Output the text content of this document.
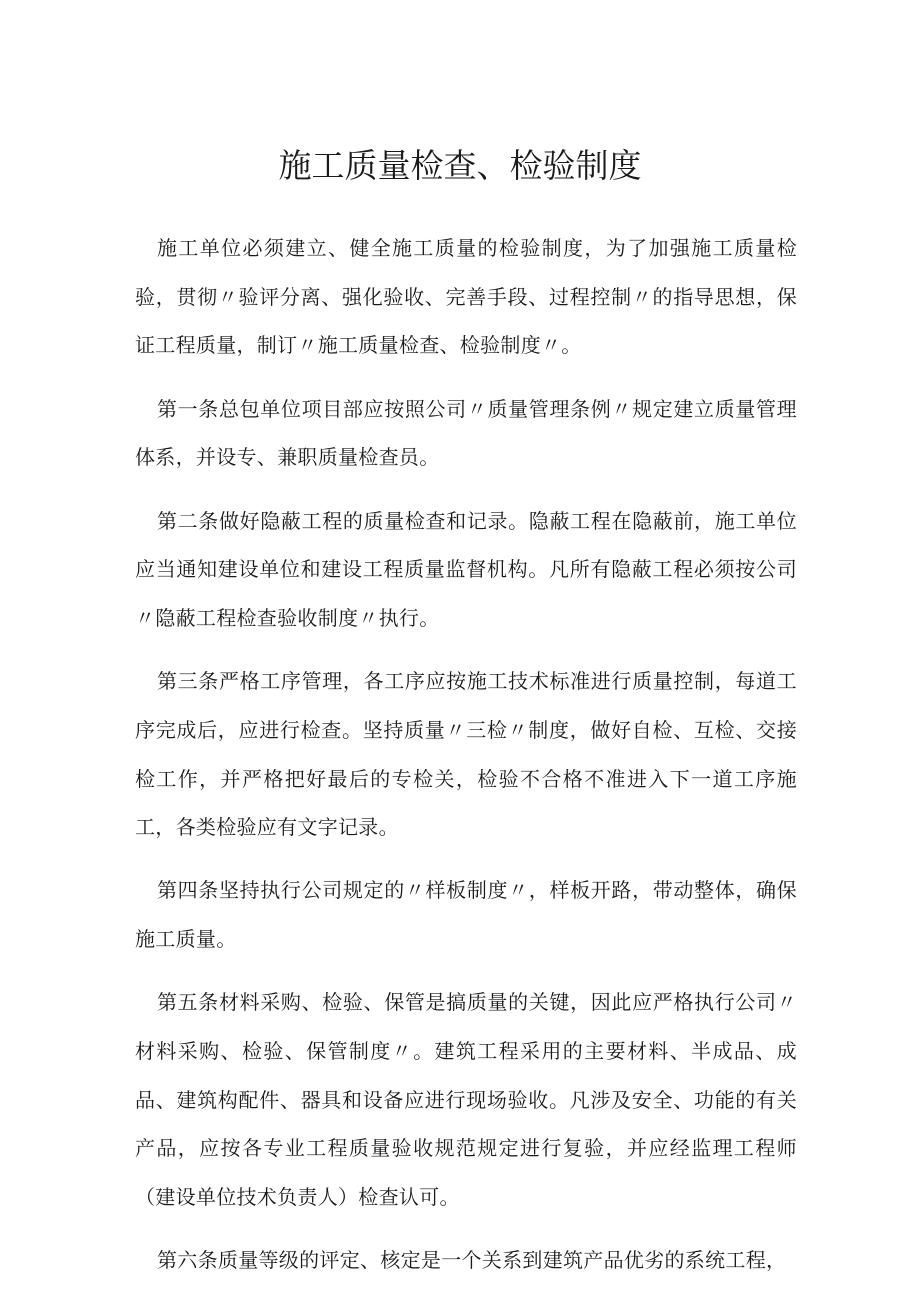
施工质量检查、检验制度

施工单位必须建立、健全施工质量的检验制度，为了加强施工质量检验，贯彻〃验评分离、强化验收、完善手段、过程控制〃的指导思想，保证工程质量，制订〃施工质量检查、检验制度〃。

第一条总包单位项目部应按照公司〃质量管理条例〃规定建立质量管理体系，并设专、兼职质量检查员。

第二条做好隐蔽工程的质量检查和记录。隐蔽工程在隐蔽前，施工单位应当通知建设单位和建设工程质量监督机构。凡所有隐蔽工程必须按公司〃隐蔽工程检查验收制度〃执行。

第三条严格工序管理，各工序应按施工技术标准进行质量控制，每道工序完成后，应进行检查。坚持质量〃三检〃制度，做好自检、互检、交接检工作，并严格把好最后的专检关，检验不合格不准进入下一道工序施工，各类检验应有文字记录。

第四条坚持执行公司规定的〃样板制度〃，样板开路，带动整体，确保施工质量。

第五条材料采购、检验、保管是搞质量的关键，因此应严格执行公司〃材料采购、检验、保管制度〃。建筑工程采用的主要材料、半成品、成品、建筑构配件、器具和设备应进行现场验收。凡涉及安全、功能的有关产品，应按各专业工程质量验收规范规定进行复验，并应经监理工程师（建设单位技术负责人）检查认可。

第六条质量等级的评定、核定是一个关系到建筑产品优劣的系统工程，
